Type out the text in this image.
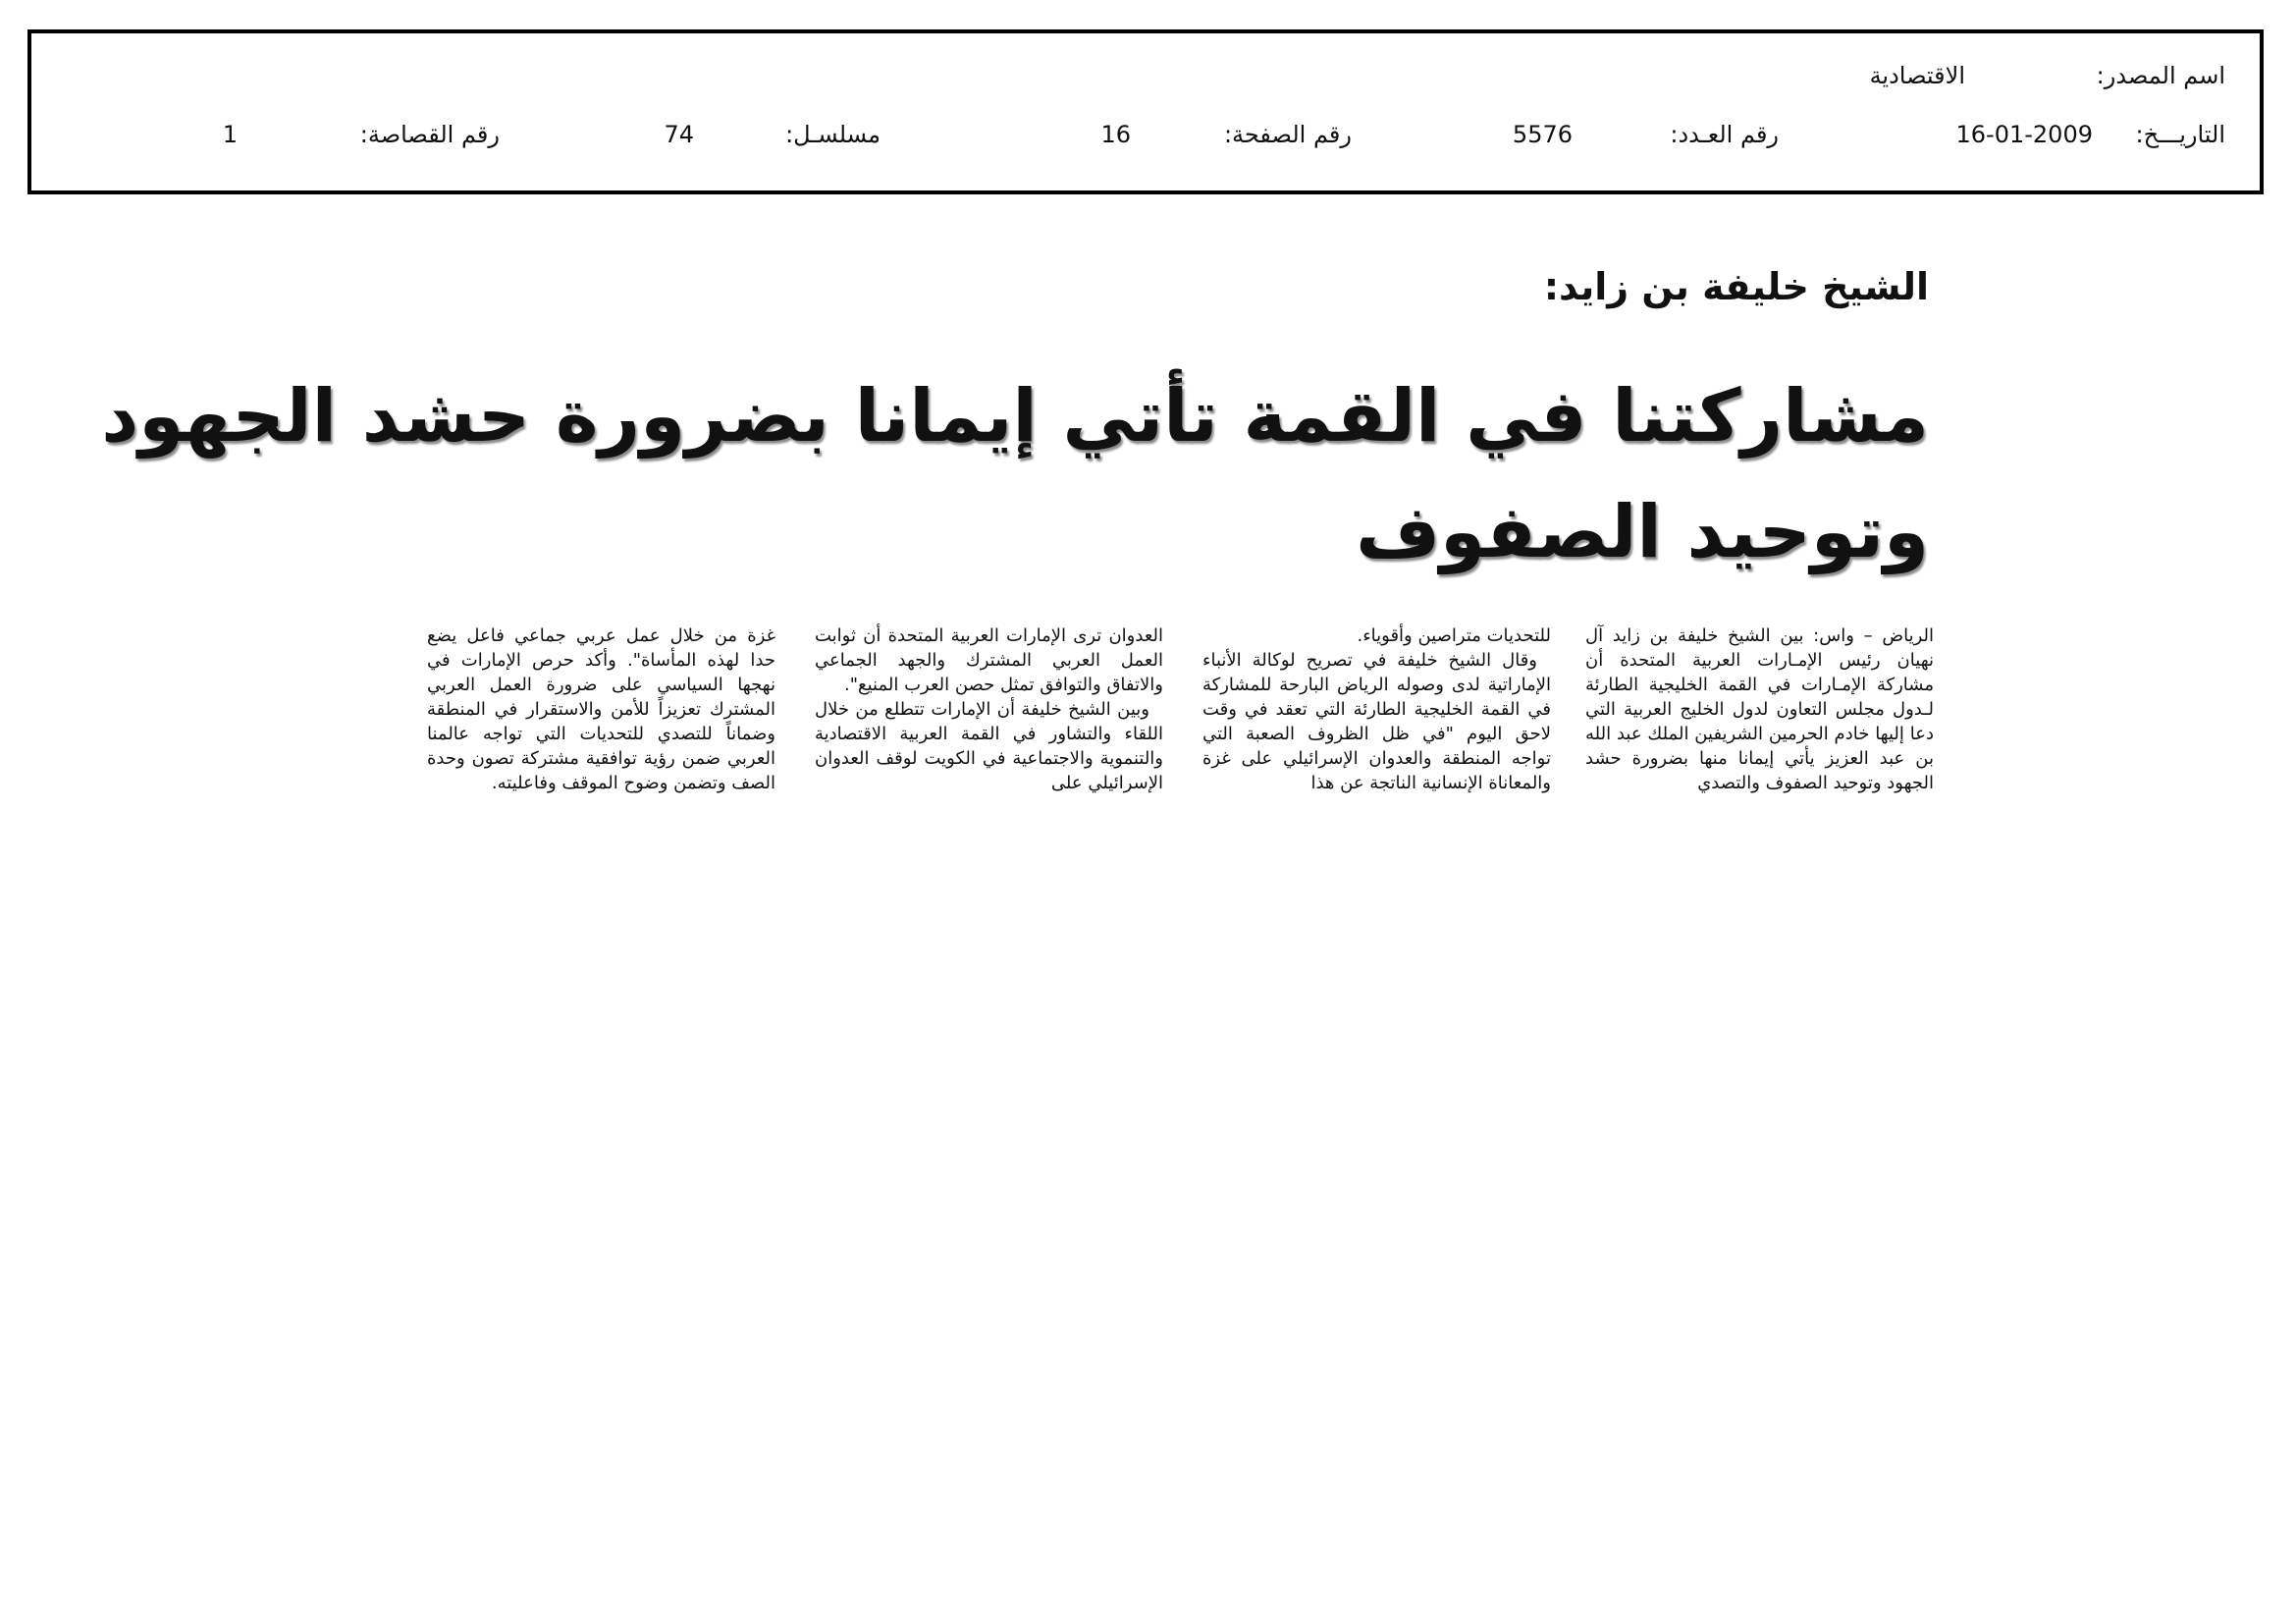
اسم المصدر:
الاقتصادية
التاريـــخ:
16-01-2009
رقم العـدد:
5576
رقم الصفحة:
16
مسلسـل:
74
رقم القصاصة:
1
الشيخ خليفة بن زايد:
مشاركتنا في القمة تأتي إيمانا بضرورة حشد الجهود
وتوحيد الصفوف

الرياض – واس: بين الشيخ خليفة بن زايد آل نهيان رئيس الإمـارات العربية المتحدة أن مشاركة الإمـارات في القمة الخليجية الطارئة لـدول مجلس التعاون لدول الخليج العربية التي دعا إليها خادم الحرمين الشريفين الملك عبد الله بن عبد العزيز يأتي إيمانا منها بضرورة حشد الجهود وتوحيد الصفوف والتصدي

للتحديات متراصين وأقوياء.

وقال الشيخ خليفة في تصريح لوكالة الأنباء الإماراتية لدى وصوله الرياض البارحة للمشاركة في القمة الخليجية الطارئة التي تعقد في وقت لاحق اليوم "في ظل الظروف الصعبة التي تواجه المنطقة والعدوان الإسرائيلي على غزة والمعاناة الإنسانية الناتجة عن هذا

العدوان ترى الإمارات العربية المتحدة أن ثوابت العمل العربي المشترك والجهد الجماعي والاتفاق والتوافق تمثل حصن العرب المنيع".

وبين الشيخ خليفة أن الإمارات تتطلع من خلال اللقاء والتشاور في القمة العربية الاقتصادية والتنموية والاجتماعية في الكويت لوقف العدوان الإسرائيلي على

غزة من خلال عمل عربي جماعي فاعل يضع حدا لهذه المأساة". وأكد حرص الإمارات في نهجها السياسي على ضرورة العمل العربي المشترك تعزيزاً للأمن والاستقرار في المنطقة وضماناً للتصدي للتحديات التي تواجه عالمنا العربي ضمن رؤية توافقية مشتركة تصون وحدة الصف وتضمن وضوح الموقف وفاعليته.
